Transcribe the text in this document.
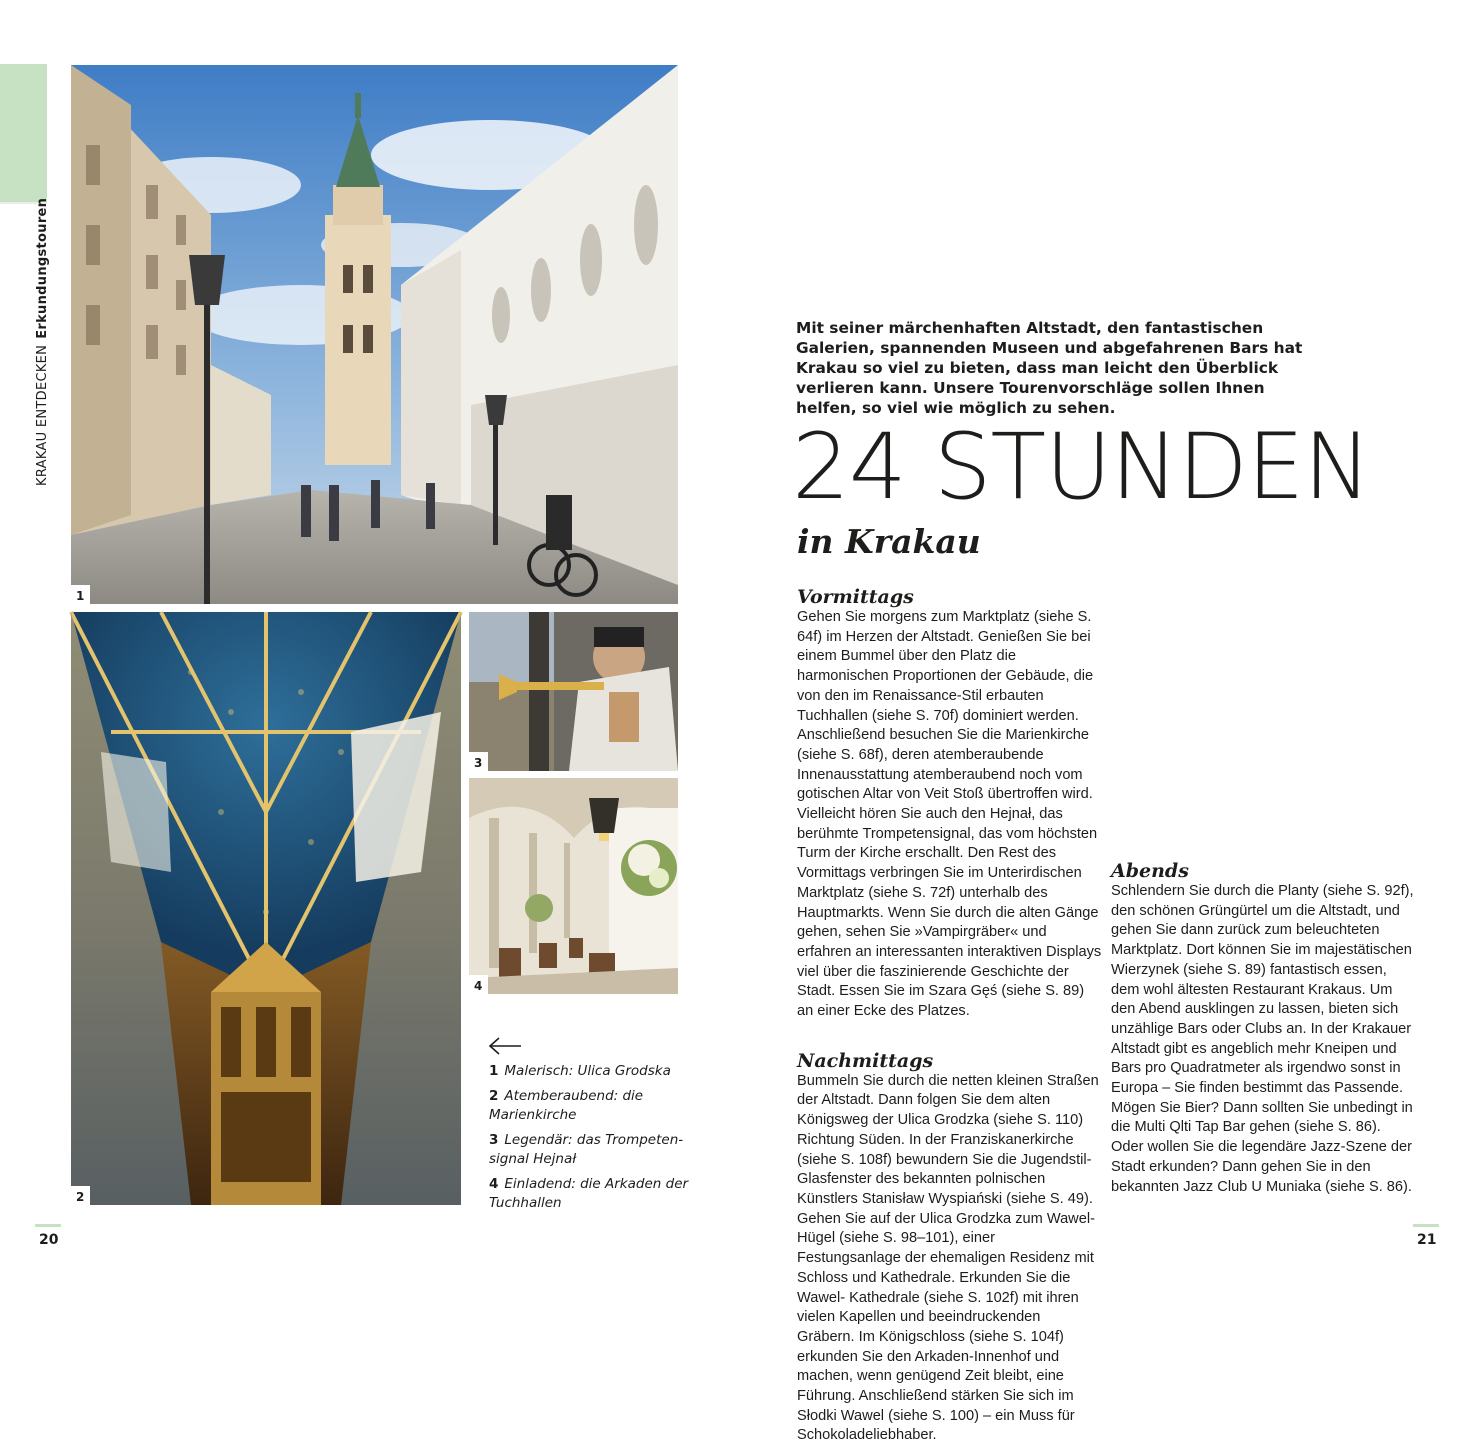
KRAKAU ENTDECKENErkundungstouren
1
2
3
4
1 Malerisch: Ulica Grodska
2 Atemberaubend: die Marienkirche
3 Legendär: das Trompeten-signal Hejnał
4 Einladend: die Arkaden der Tuchhallen
20	21

Mit seiner märchenhaften Altstadt, den fantastischen Galerien, spannenden Museen und abgefahrenen Bars hat Krakau so viel zu bieten, dass man leicht den Überblick verlieren kann. Unsere Tourenvorschläge sollen Ihnen helfen, so viel wie möglich zu sehen.

24 STUNDEN
in Krakau
Vormittags

Gehen Sie morgens zum Marktplatz (siehe S. 64f) im Herzen der Altstadt. Genießen Sie bei einem Bummel über den Platz die harmonischen Proportionen der Gebäude, die von den im Renaissance-Stil erbauten Tuchhallen (siehe S. 70f) dominiert werden. Anschließend besuchen Sie die Marienkirche (siehe S. 68f), deren atemberaubende Innenausstattung atemberaubend noch vom gotischen Altar von Veit Stoß übertroffen wird. Vielleicht hören Sie auch den Hejnał, das berühmte Trompetensignal, das vom höchsten Turm der Kirche erschallt. Den Rest des Vormittags verbringen Sie im Unterirdischen Marktplatz (siehe S. 72f) unterhalb des Hauptmarkts. Wenn Sie durch die alten Gänge gehen, sehen Sie »Vampirgräber« und erfahren an interessanten interaktiven Displays viel über die faszinierende Geschichte der Stadt. Essen Sie im Szara Gęś (siehe S. 89) an einer Ecke des Platzes.

Nachmittags

Bummeln Sie durch die netten kleinen Straßen der Altstadt. Dann folgen Sie dem alten Königsweg der Ulica Grodzka (siehe S. 110) Richtung Süden. In der Franziskanerkirche (siehe S. 108f) bewundern Sie die Jugendstil-Glasfenster des bekannten polnischen Künstlers Stanisław Wyspiański (siehe S. 49). Gehen Sie auf der Ulica Grodzka zum Wawel-Hügel (siehe S. 98–101), einer Festungsanlage der ehemaligen Residenz mit Schloss und Kathedrale. Erkunden Sie die Wawel- Kathedrale (siehe S. 102f) mit ihren vielen Kapellen und beeindruckenden Gräbern. Im Königschloss (siehe S. 104f) erkunden Sie den Arkaden-Innenhof und machen, wenn genügend Zeit bleibt, eine Führung. Anschließend stärken Sie sich im Słodki Wawel (siehe S. 100) – ein Muss für Schokoladeliebhaber.

Abends

Schlendern Sie durch die Planty (siehe S. 92f), den schönen Grüngürtel um die Altstadt, und gehen Sie dann zurück zum beleuchteten Marktplatz. Dort können Sie im majestätischen Wierzynek (siehe S. 89) fantastisch essen, dem wohl ältesten Restaurant Krakaus. Um den Abend ausklingen zu lassen, bieten sich unzählige Bars oder Clubs an. In der Krakauer Altstadt gibt es angeblich mehr Kneipen und Bars pro Quadratmeter als irgendwo sonst in Europa – Sie finden bestimmt das Passende. Mögen Sie Bier? Dann sollten Sie unbedingt in die Multi Qlti Tap Bar gehen (siehe S. 86). Oder wollen Sie die legendäre Jazz-Szene der Stadt erkunden? Dann gehen Sie in den bekannten Jazz Club U Muniaka (siehe S. 86).
